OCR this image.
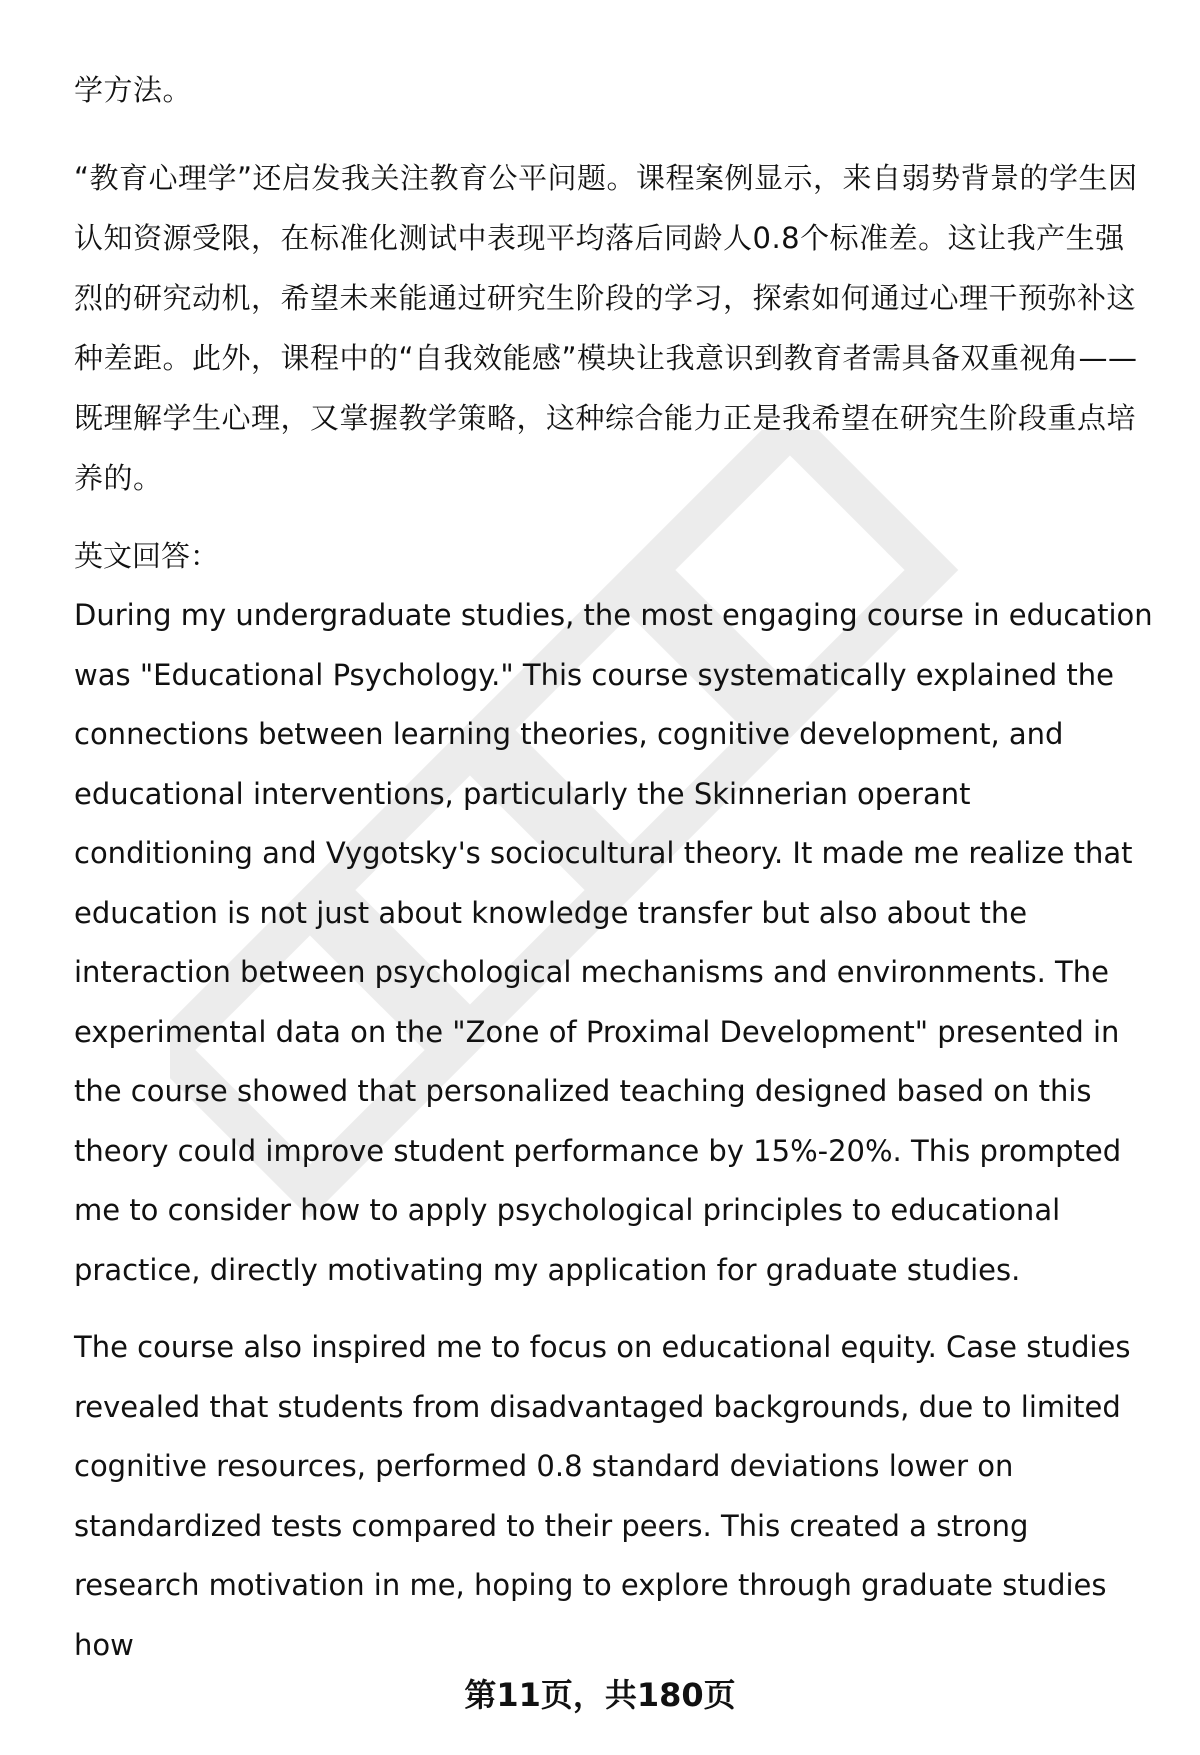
学方法。

“教育心理学”还启发我关注教育公平问题。课程案例显示，来自弱势背景的学生因认知资源受限，在标准化测试中表现平均落后同龄人0.8个标准差。这让我产生强烈的研究动机，希望未来能通过研究生阶段的学习，探索如何通过心理干预弥补这种差距。此外，课程中的“自我效能感”模块让我意识到教育者需具备双重视角——既理解学生心理，又掌握教学策略，这种综合能力正是我希望在研究生阶段重点培养的。

英文回答：

During my undergraduate studies, the most engaging course in education was "Educational Psychology." This course systematically explained the connections between learning theories, cognitive development, and educational interventions, particularly the Skinnerian operant conditioning and Vygotsky's sociocultural theory. It made me realize that education is not just about knowledge transfer but also about the interaction between psychological mechanisms and environments. The experimental data on the "Zone of Proximal Development" presented in the course showed that personalized teaching designed based on this theory could improve student performance by 15%-20%. This prompted me to consider how to apply psychological principles to educational practice, directly motivating my application for graduate studies.

The course also inspired me to focus on educational equity. Case studies revealed that students from disadvantaged backgrounds, due to limited cognitive resources, performed 0.8 standard deviations lower on standardized tests compared to their peers. This created a strong research motivation in me, hoping to explore through graduate studies how

第11页，共180页
